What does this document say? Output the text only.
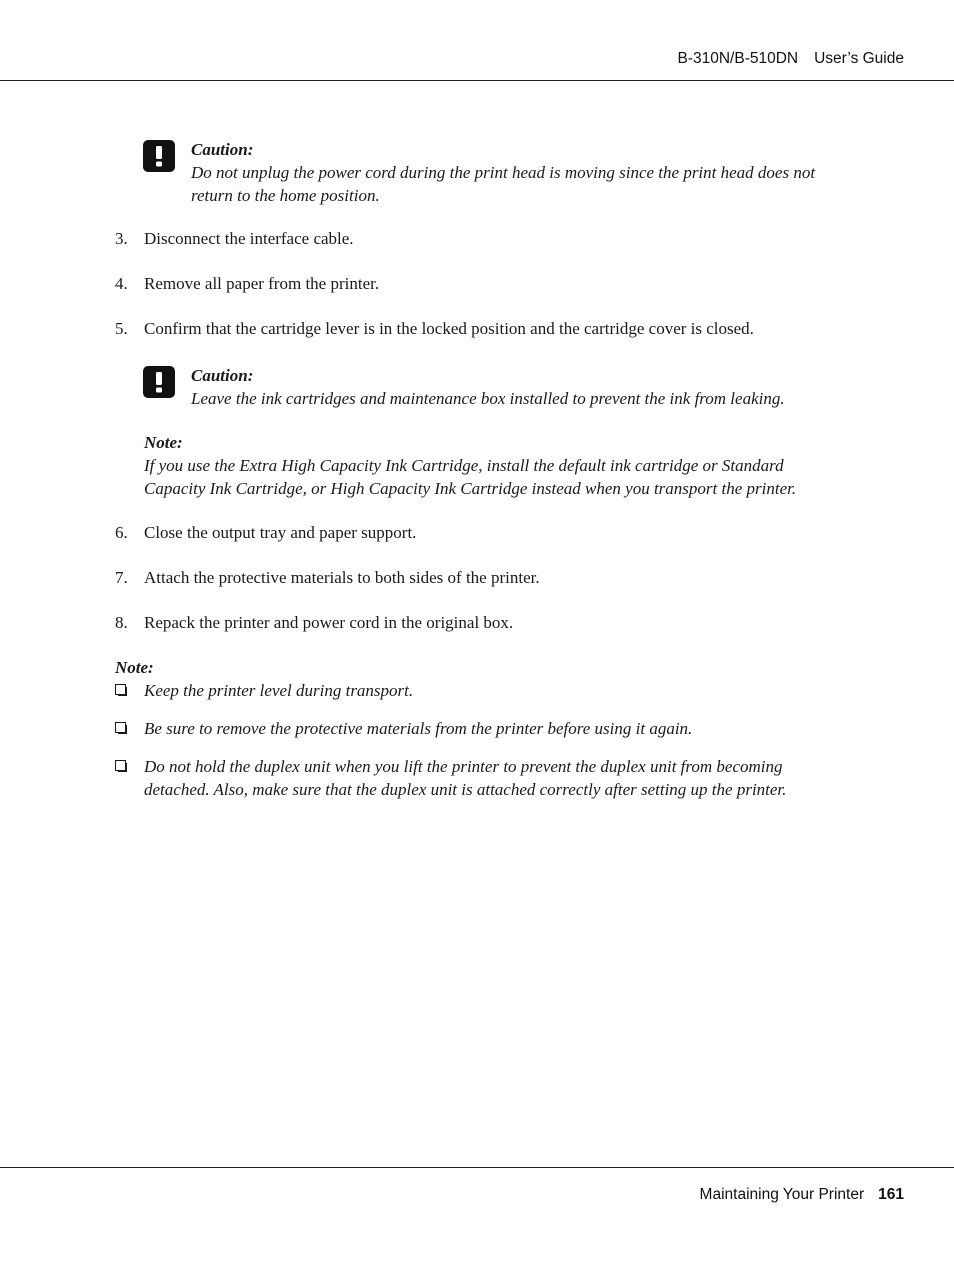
B-310N/B-510DN User’s Guide
Caution:
Do not unplug the power cord during the print head is moving since the print head does not
return to the home position.
3. Disconnect the interface cable.
4. Remove all paper from the printer.
5. Confirm that the cartridge lever is in the locked position and the cartridge cover is closed.
Caution:
Leave the ink cartridges and maintenance box installed to prevent the ink from leaking.
Note:
If you use the Extra High Capacity Ink Cartridge, install the default ink cartridge or Standard
Capacity Ink Cartridge, or High Capacity Ink Cartridge instead when you transport the printer.
6. Close the output tray and paper support.
7. Attach the protective materials to both sides of the printer.
8. Repack the printer and power cord in the original box.
Note:
Keep the printer level during transport.
Be sure to remove the protective materials from the printer before using it again.
Do not hold the duplex unit when you lift the printer to prevent the duplex unit from becoming
detached. Also, make sure that the duplex unit is attached correctly after setting up the printer.
Maintaining Your Printer 161
